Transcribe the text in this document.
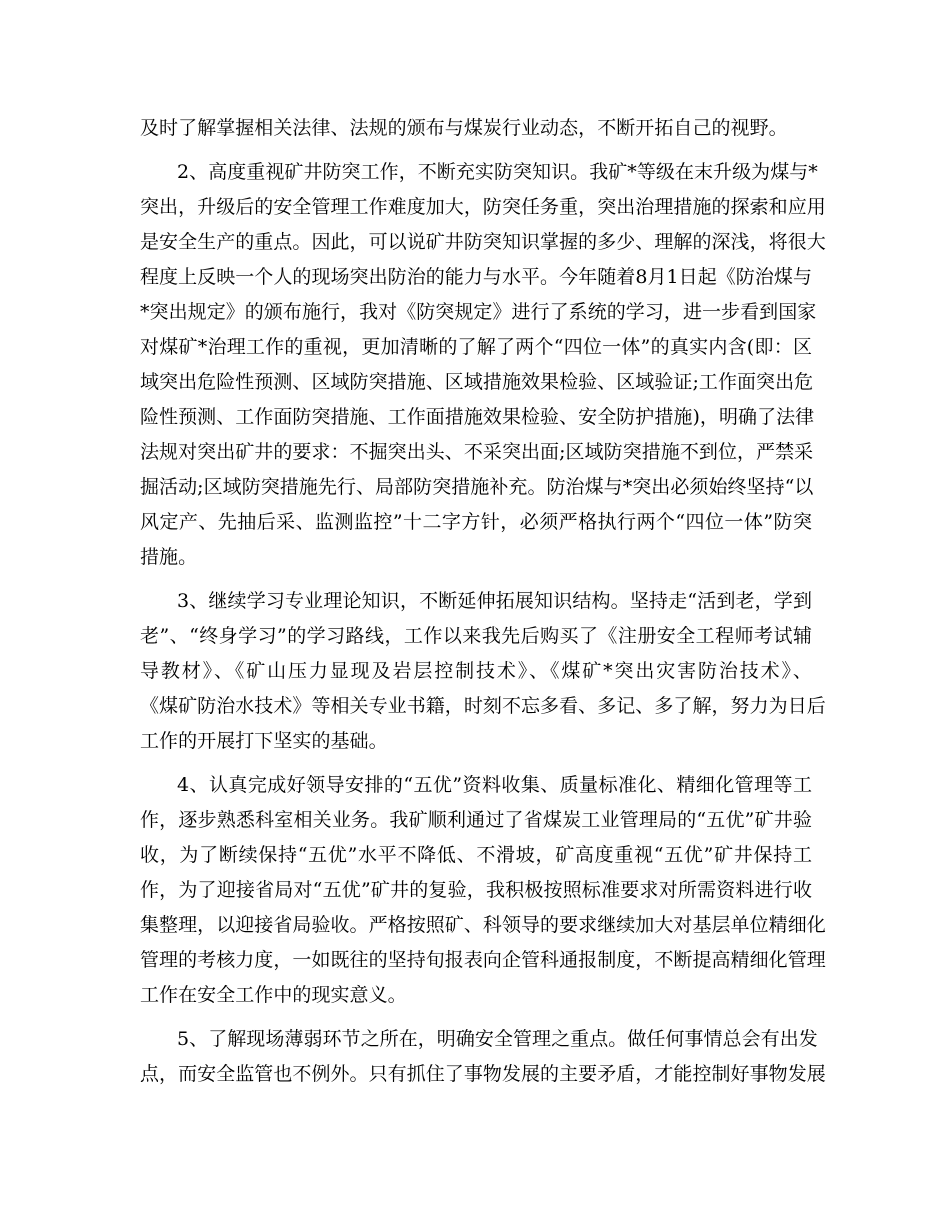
及时了解掌握相关法律、法规的颁布与煤炭行业动态，不断开拓自己的视野。
2、高度重视矿井防突工作，不断充实防突知识。我矿*等级在末升级为煤与*
突出，升级后的安全管理工作难度加大，防突任务重，突出治理措施的探索和应用
是安全生产的重点。因此，可以说矿井防突知识掌握的多少、理解的深浅，将很大
程度上反映一个人的现场突出防治的能力与水平。今年随着8月1日起《防治煤与
*突出规定》的颁布施行，我对《防突规定》进行了系统的学习，进一步看到国家
对煤矿*治理工作的重视，更加清晰的了解了两个“四位一体”的真实内含(即：区
域突出危险性预测、区域防突措施、区域措施效果检验、区域验证;工作面突出危
险性预测、工作面防突措施、工作面措施效果检验、安全防护措施)，明确了法律
法规对突出矿井的要求：不掘突出头、不采突出面;区域防突措施不到位，严禁采
掘活动;区域防突措施先行、局部防突措施补充。防治煤与*突出必须始终坚持“以
风定产、先抽后采、监测监控”十二字方针，必须严格执行两个“四位一体”防突
措施。
3、继续学习专业理论知识，不断延伸拓展知识结构。坚持走“活到老，学到
老”、“终身学习”的学习路线，工作以来我先后购买了《注册安全工程师考试辅
导教材》、《矿山压力显现及岩层控制技术》、《煤矿*突出灾害防治技术》、
《煤矿防治水技术》等相关专业书籍，时刻不忘多看、多记、多了解，努力为日后
工作的开展打下坚实的基础。
4、认真完成好领导安排的“五优”资料收集、质量标准化、精细化管理等工
作，逐步熟悉科室相关业务。我矿顺利通过了省煤炭工业管理局的“五优”矿井验
收，为了断续保持“五优”水平不降低、不滑坡，矿高度重视“五优”矿井保持工
作，为了迎接省局对“五优”矿井的复验，我积极按照标准要求对所需资料进行收
集整理，以迎接省局验收。严格按照矿、科领导的要求继续加大对基层单位精细化
管理的考核力度，一如既往的坚持旬报表向企管科通报制度，不断提高精细化管理
工作在安全工作中的现实意义。
5、了解现场薄弱环节之所在，明确安全管理之重点。做任何事情总会有出发
点，而安全监管也不例外。只有抓住了事物发展的主要矛盾，才能控制好事物发展
